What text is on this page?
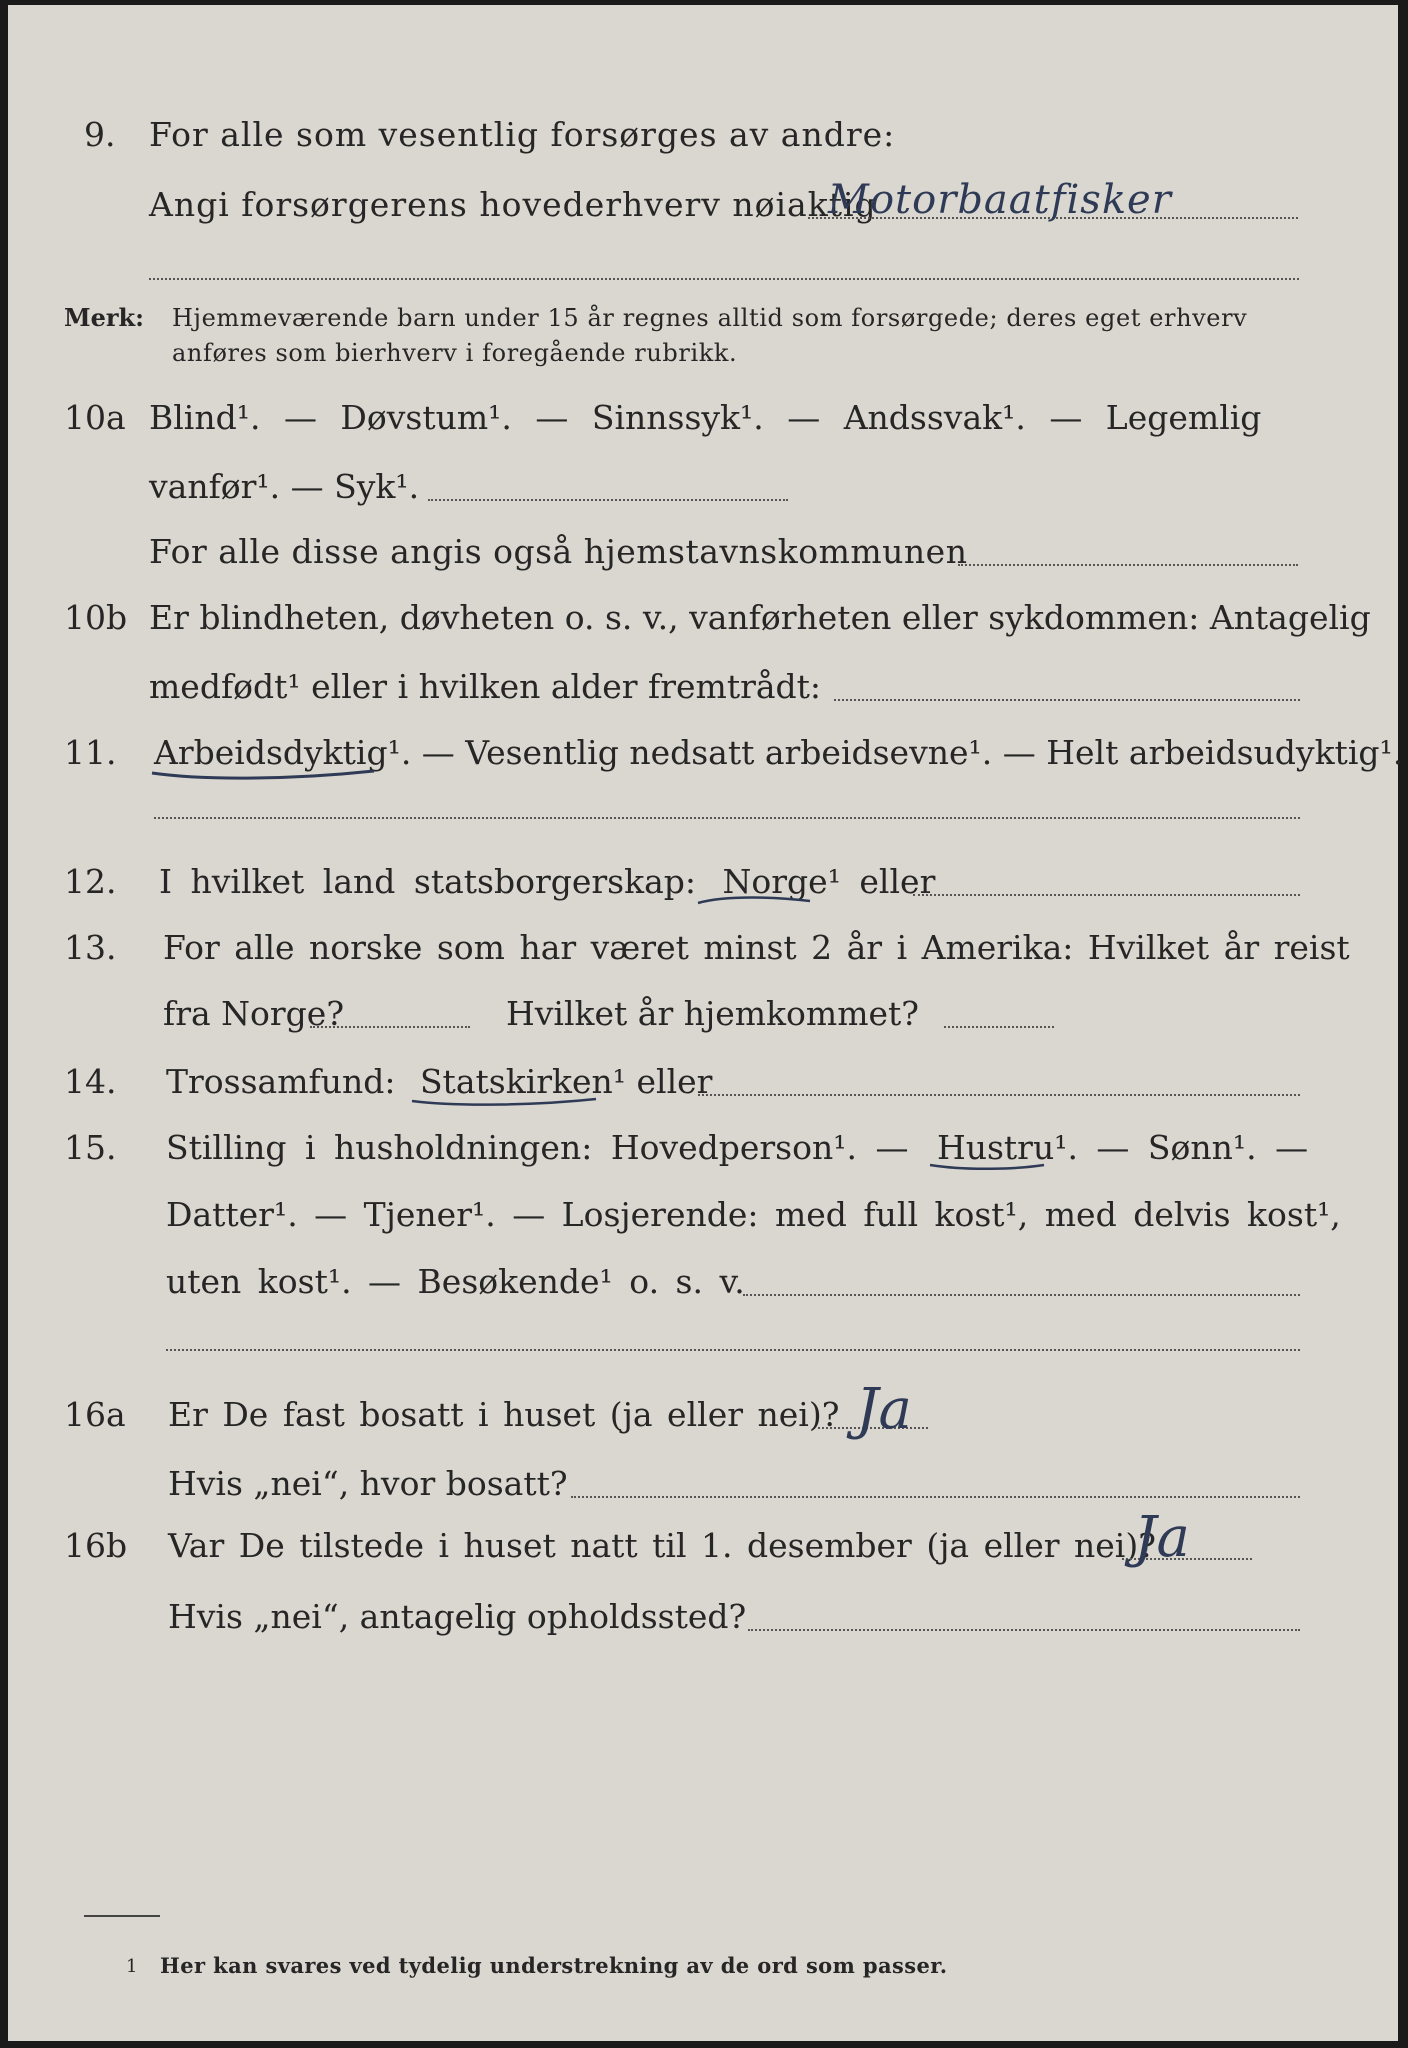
9. For alle som vesentlig forsørges av andre:
Angi forsørgerens hovederhverv nøiaktig
Motorbaatfisker
Merk: Hjemmeværende barn under 15 år regnes alltid som forsørgede; deres eget erhverv
anføres som bierhverv i foregående rubrikk.
10a Blind¹. — Døvstum¹. — Sinnssyk¹. — Andssvak¹. — Legemlig
vanfør¹. — Syk¹.
For alle disse angis også hjemstavnskommunen
10b Er blindheten, døvheten o. s. v., vanførheten eller sykdommen: Antagelig
medfødt¹ eller i hvilken alder fremtrådt:
11. Arbeidsdyktig¹. — Vesentlig nedsatt arbeidsevne¹. — Helt arbeidsudyktig¹.
12. I hvilket land statsborgerskap: Norge¹ eller
13. For alle norske som har været minst 2 år i Amerika: Hvilket år reist
fra Norge?	Hvilket år hjemkommet?
14. Trossamfund: Statskirken¹ eller
15. Stilling i husholdningen: Hovedperson¹. — Hustru¹. — Sønn¹. —
Datter¹. — Tjener¹. — Losjerende: med full kost¹, med delvis kost¹,
uten kost¹. — Besøkende¹ o. s. v.
16a Er De fast bosatt i huset (ja eller nei)? Ja
Hvis „nei“, hvor bosatt?
16b Var De tilstede i huset natt til 1. desember (ja eller nei)?
Ja
Hvis „nei“, antagelig opholdssted?
1 Her kan svares ved tydelig understrekning av de ord som passer.
